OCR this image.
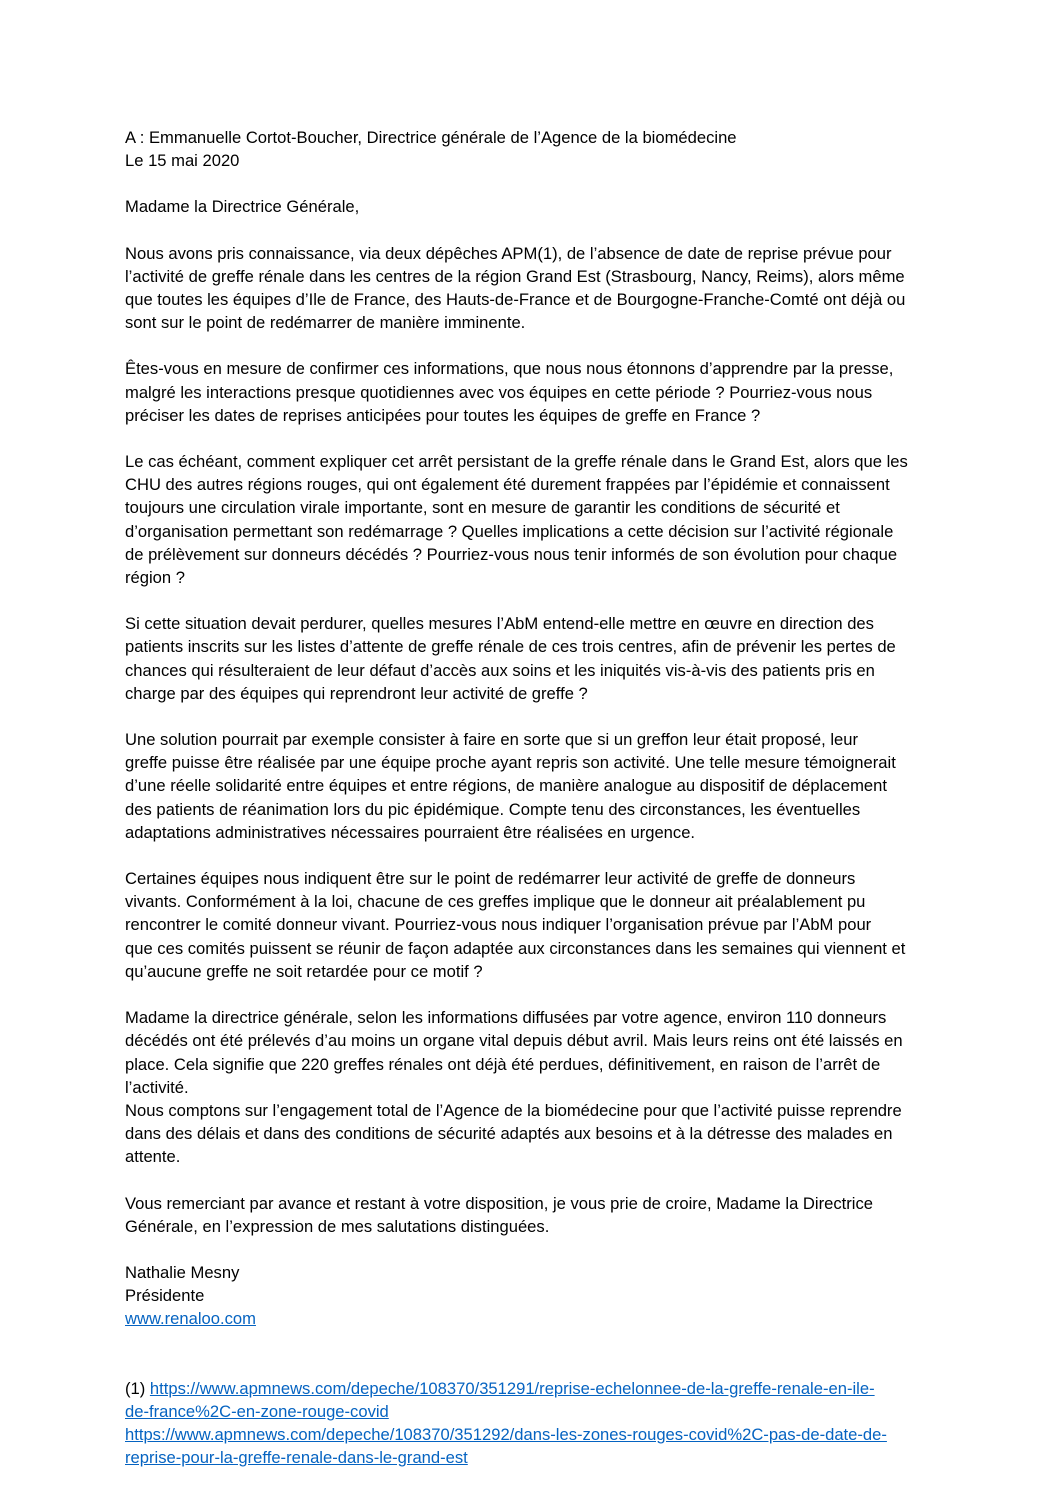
A : Emmanuelle Cortot-Boucher, Directrice générale de l’Agence de la biomédecine
Le 15 mai 2020
Madame la Directrice Générale,
Nous avons pris connaissance, via deux dépêches APM(1), de l’absence de date de reprise prévue pour
l’activité de greffe rénale dans les centres de la région Grand Est (Strasbourg, Nancy, Reims), alors même
que toutes les équipes d’Ile de France, des Hauts-de-France et de Bourgogne-Franche-Comté ont déjà ou
sont sur le point de redémarrer de manière imminente.
Êtes-vous en mesure de confirmer ces informations, que nous nous étonnons d’apprendre par la presse,
malgré les interactions presque quotidiennes avec vos équipes en cette période ? Pourriez-vous nous
préciser les dates de reprises anticipées pour toutes les équipes de greffe en France ?
Le cas échéant, comment expliquer cet arrêt persistant de la greffe rénale dans le Grand Est, alors que les
CHU des autres régions rouges, qui ont également été durement frappées par l’épidémie et connaissent
toujours une circulation virale importante, sont en mesure de garantir les conditions de sécurité et
d’organisation permettant son redémarrage ? Quelles implications a cette décision sur l’activité régionale
de prélèvement sur donneurs décédés ? Pourriez-vous nous tenir informés de son évolution pour chaque
région ?
Si cette situation devait perdurer, quelles mesures l’AbM entend-elle mettre en œuvre en direction des
patients inscrits sur les listes d’attente de greffe rénale de ces trois centres, afin de prévenir les pertes de
chances qui résulteraient de leur défaut d’accès aux soins et les iniquités vis-à-vis des patients pris en
charge par des équipes qui reprendront leur activité de greffe ?
Une solution pourrait par exemple consister à faire en sorte que si un greffon leur était proposé, leur
greffe puisse être réalisée par une équipe proche ayant repris son activité. Une telle mesure témoignerait
d’une réelle solidarité entre équipes et entre régions, de manière analogue au dispositif de déplacement
des patients de réanimation lors du pic épidémique. Compte tenu des circonstances, les éventuelles
adaptations administratives nécessaires pourraient être réalisées en urgence.
Certaines équipes nous indiquent être sur le point de redémarrer leur activité de greffe de donneurs
vivants. Conformément à la loi, chacune de ces greffes implique que le donneur ait préalablement pu
rencontrer le comité donneur vivant. Pourriez-vous nous indiquer l’organisation prévue par l’AbM pour
que ces comités puissent se réunir de façon adaptée aux circonstances dans les semaines qui viennent et
qu’aucune greffe ne soit retardée pour ce motif ?
Madame la directrice générale, selon les informations diffusées par votre agence, environ 110 donneurs
décédés ont été prélevés d’au moins un organe vital depuis début avril. Mais leurs reins ont été laissés en
place. Cela signifie que 220 greffes rénales ont déjà été perdues, définitivement, en raison de l’arrêt de
l’activité.
Nous comptons sur l’engagement total de l’Agence de la biomédecine pour que l’activité puisse reprendre
dans des délais et dans des conditions de sécurité adaptés aux besoins et à la détresse des malades en
attente.
Vous remerciant par avance et restant à votre disposition, je vous prie de croire, Madame la Directrice
Générale, en l’expression de mes salutations distinguées.
Nathalie Mesny
Présidente
www.renaloo.com
(1) https://www.apmnews.com/depeche/108370/351291/reprise-echelonnee-de-la-greffe-renale-en-ile-
de-france%2C-en-zone-rouge-covid
https://www.apmnews.com/depeche/108370/351292/dans-les-zones-rouges-covid%2C-pas-de-date-de-
reprise-pour-la-greffe-renale-dans-le-grand-est
